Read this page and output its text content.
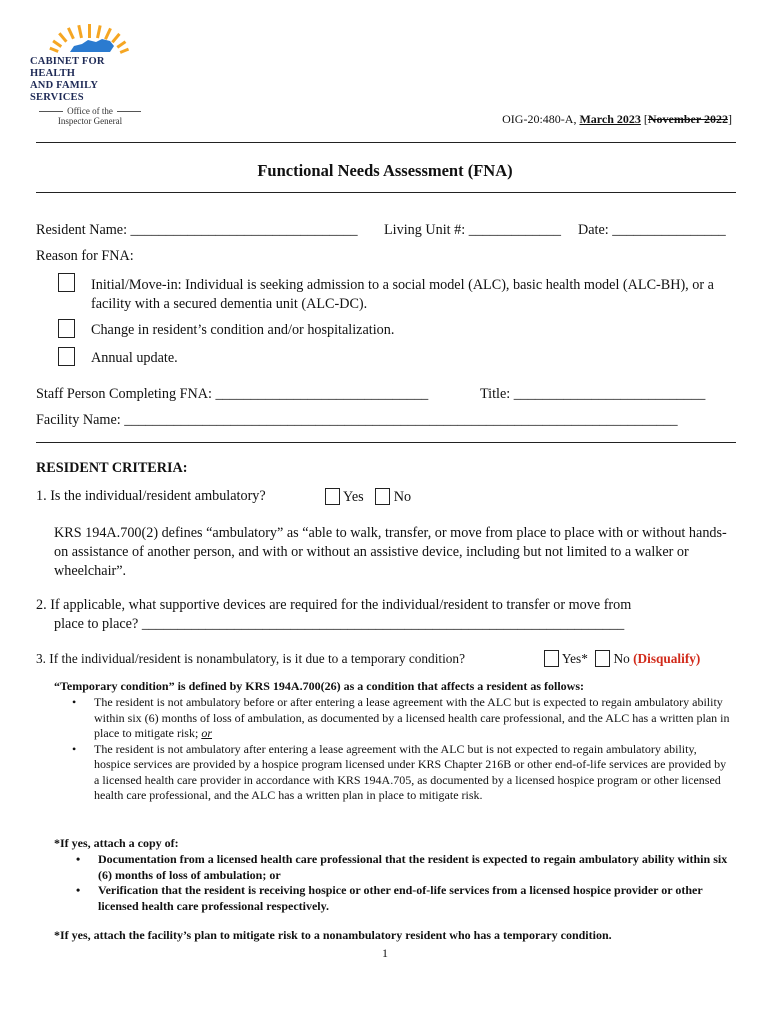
CABINET FOR HEALTH
AND FAMILY SERVICES
Office of the
Inspector General	OIG-20:480-A, March 2023 [November 2022]
Functional Needs Assessment (FNA)
Resident Name: ________________________________ Living Unit #: _____________ Date: ________________
Reason for FNA:
Initial/Move-in: Individual is seeking admission to a social model (ALC), basic health model (ALC-BH), or a facility with a secured dementia unit (ALC-DC).
Change in resident’s condition and/or hospitalization.
Annual update.
Staff Person Completing FNA: ______________________________	Title: ___________________________
Facility Name: ______________________________________________________________________________
RESIDENT CRITERIA:
1. Is the individual/resident ambulatory?	Yes No
KRS 194A.700(2) defines “ambulatory” as “able to walk, transfer, or move from place to place with or without hands-on assistance of another person, and with or without an assistive device, including but not limited to a walker or wheelchair”.
2. If applicable, what supportive devices are required for the individual/resident to transfer or move from
place to place? ____________________________________________________________________
3. If the individual/resident is nonambulatory, is it due to a temporary condition?	Yes* No (Disqualify)
“Temporary condition” is defined by KRS 194A.700(26) as a condition that affects a resident as follows:
• The resident is not ambulatory before or after entering a lease agreement with the ALC but is expected to regain ambulatory ability within six (6) months of loss of ambulation, as documented by a licensed health care professional, and the ALC has a written plan in place to mitigate risk; or
• The resident is not ambulatory after entering a lease agreement with the ALC but is not expected to regain ambulatory ability, hospice services are provided by a hospice program licensed under KRS Chapter 216B or other end-of-life services are provided by a licensed health care provider in accordance with KRS 194A.705, as documented by a licensed hospice program or other licensed health care professional, and the ALC has a written plan in place to mitigate risk.
*If yes, attach a copy of:
• Documentation from a licensed health care professional that the resident is expected to regain ambulatory ability within six (6) months of loss of ambulation; or
• Verification that the resident is receiving hospice or other end-of-life services from a licensed hospice provider or other licensed health care professional respectively.
*If yes, attach the facility’s plan to mitigate risk to a nonambulatory resident who has a temporary condition.
1
